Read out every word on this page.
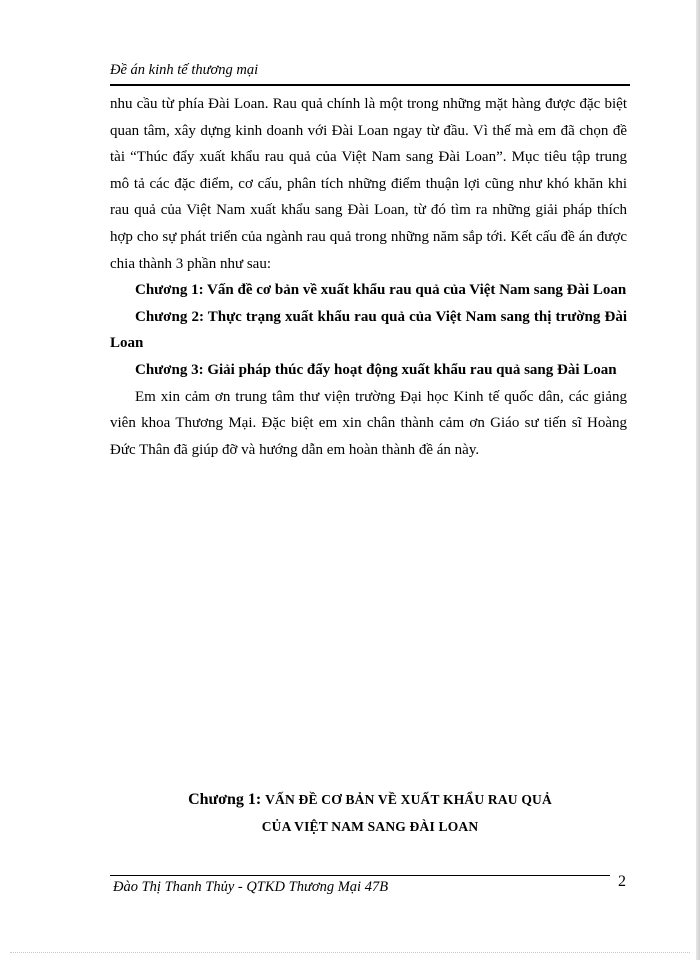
Đề án kinh tế thương mại

nhu cầu từ phía Đài Loan. Rau quả chính là một trong những mặt hàng được đặc biệt quan tâm, xây dựng kinh doanh với Đài Loan ngay từ đầu. Vì thế mà em đã chọn đề tài “Thúc đẩy xuất khẩu rau quả của Việt Nam sang Đài Loan”. Mục tiêu tập trung mô tả các đặc điểm, cơ cấu, phân tích những điểm thuận lợi cũng như khó khăn khi rau quả của Việt Nam xuất khẩu sang Đài Loan, từ đó tìm ra những giải pháp thích hợp cho sự phát triển của ngành rau quả trong những năm sắp tới. Kết cấu đề án được chia thành 3 phần như sau:

Chương 1: Vấn đề cơ bản về xuất khẩu rau quả của Việt Nam sang Đài Loan

Chương 2: Thực trạng xuất khẩu rau quả của Việt Nam sang thị trường Đài Loan

Chương 3: Giải pháp thúc đẩy hoạt động xuất khẩu rau quả sang Đài Loan

Em xin cảm ơn trung tâm thư viện trường Đại học Kinh tế quốc dân, các giảng viên khoa Thương Mại. Đặc biệt em xin chân thành cảm ơn Giáo sư tiến sĩ Hoàng Đức Thân đã giúp đỡ và hướng dẫn em hoàn thành đề án này.

Chương 1: VẤN ĐỀ CƠ BẢN VỀ XUẤT KHẨU RAU QUẢ
CỦA VIỆT NAM SANG ĐÀI LOAN
Đào Thị Thanh Thủy - QTKD Thương Mại 47B	2
